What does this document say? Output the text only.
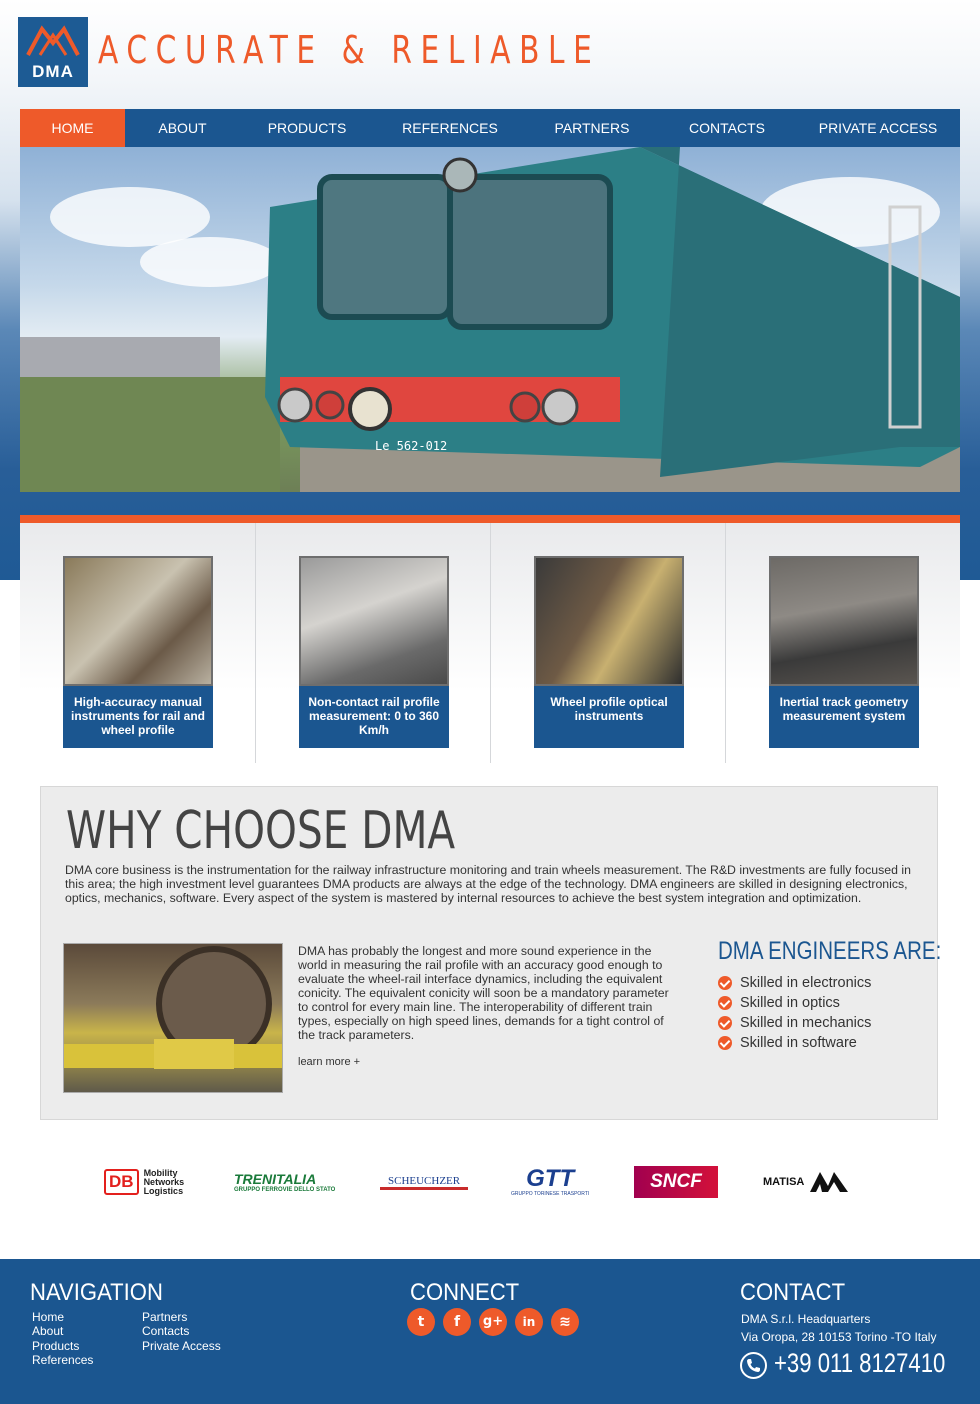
DMA ACCURATE & RELIABLE
HOME	ABOUT	PRODUCTS	REFERENCES	PARTNERS	CONTACTS	PRIVATE ACCESS
Le 562-012
High-accuracy manual instruments for rail and wheel profile
Non-contact rail profile measurement: 0 to 360 Km/h
Wheel profile optical instruments
Inertial track geometry measurement system
WHY CHOOSE DMA
DMA core business is the instrumentation for the railway infrastructure monitoring and train wheels measurement. The R&D investments are fully focused in this area; the high investment level guarantees DMA products are always at the edge of the technology. DMA engineers are skilled in designing electronics, optics, mechanics, software. Every aspect of the system is mastered by internal resources to achieve the best system integration and optimization.
DMA has probably the longest and more sound experience in the world in measuring the rail profile with an accuracy good enough to evaluate the wheel-rail interface dynamics, including the equivalent conicity. The equivalent conicity will soon be a mandatory parameter to control for every main line. The interoperability of different train types, especially on high speed lines, demands for a tight control of the track parameters.
learn more +
DMA ENGINEERS ARE:
Skilled in electronics
Skilled in optics
Skilled in mechanics
Skilled in software
DB	Mobility
Networks
Logistics
TRENITALIA
GRUPPO FERROVIE DELLO STATO
SCHEUCHZER	GTT
GRUPPO TORINESE TRASPORTI
SNCF	MATISA
NAVIGATION	CONNECT	CONTACT
Home
About
Products
References
Partners
Contacts
Private Access
t	f	g+	in	≋	DMA S.r.l. Headquarters
Via Oropa, 28 10153 Torino -TO Italy
+39 011 8127410
